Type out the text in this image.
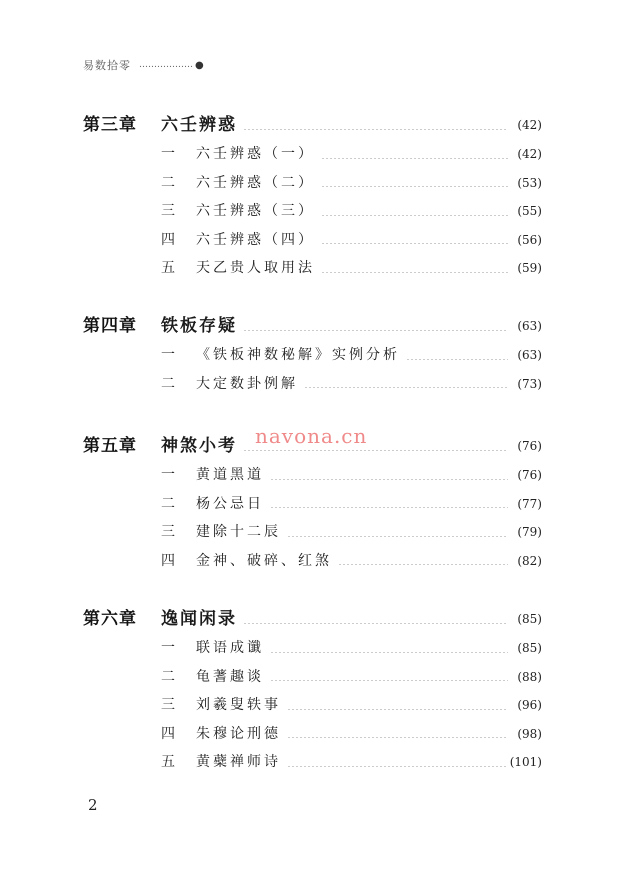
易数拾零 ……………… ●
第三章 六壬辨惑	(42)
一 六壬辨惑（一）	(42)
二 六壬辨惑（二）	(53)
三 六壬辨惑（三）	(55)
四 六壬辨惑（四）	(56)
五 天乙贵人取用法	(59)
第四章 铁板存疑	(63)
一 《铁板神数秘解》实例分析	(63)
二 大定数卦例解	(73)
第五章 神煞小考	(76)
一 黄道黑道	(76)
二 杨公忌日	(77)
三 建除十二辰	(79)
四 金神、破碎、红煞	(82)
第六章 逸闻闲录	(85)
一 联语成谶	(85)
二 龟蓍趣谈	(88)
三 刘羲叟轶事	(96)
四 朱穆论刑德	(98)
五 黄蘗禅师诗	(101)
navona.cn
2
